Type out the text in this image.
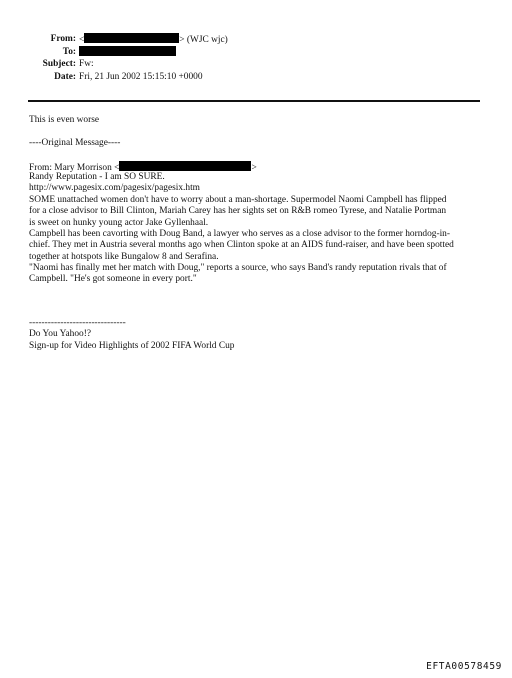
From: <	> (WJC wjc)
To:
Subject: Fw:
Date: Fri, 21 Jun 2002 15:15:10 +0000
This is even worse
----Original Message----
From: Mary Morrison <	>
Randy Reputation - I am SO SURE.
http://www.pagesix.com/pagesix/pagesix.htm
SOME unattached women don't have to worry about a man-shortage. Supermodel Naomi Campbell has flipped
for a close advisor to Bill Clinton, Mariah Carey has her sights set on R&B romeo Tyrese, and Natalie Portman
is sweet on hunky young actor Jake Gyllenhaal.
Campbell has been cavorting with Doug Band, a lawyer who serves as a close advisor to the former horndog-in-
chief. They met in Austria several months ago when Clinton spoke at an AIDS fund-raiser, and have been spotted
together at hotspots like Bungalow 8 and Serafina.
"Naomi has finally met her match with Doug," reports a source, who says Band's randy reputation rivals that of
Campbell. "He's got someone in every port."
-------------------------------
Do You Yahoo!?
Sign-up for Video Highlights of 2002 FIFA World Cup
EFTA00578459
